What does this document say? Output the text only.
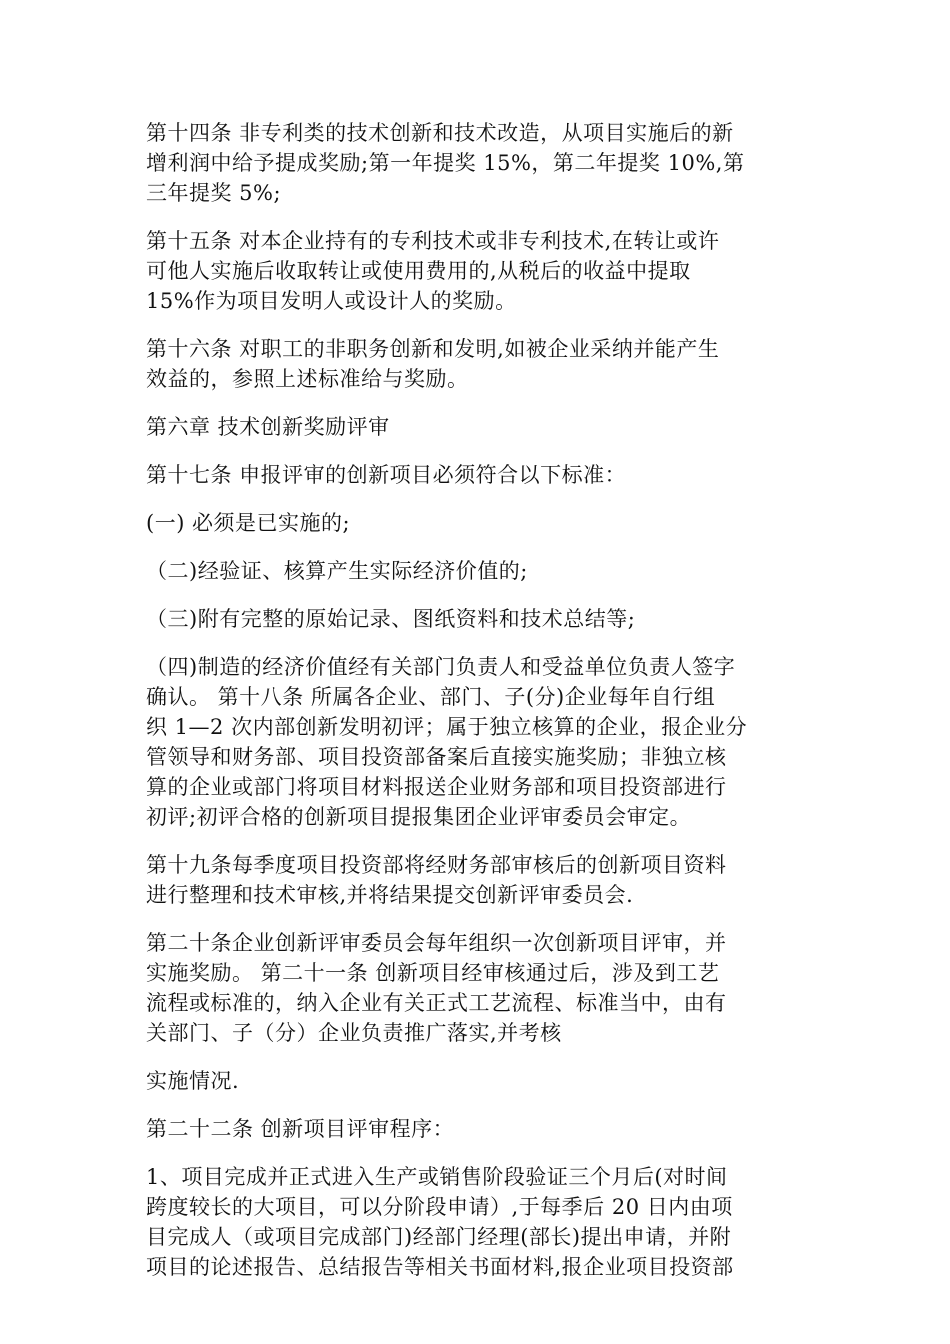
第十四条 非专利类的技术创新和技术改造，从项目实施后的新
增利润中给予提成奖励;第一年提奖 15%，第二年提奖 10%,第
三年提奖 5%;
第十五条 对本企业持有的专利技术或非专利技术,在转让或许
可他人实施后收取转让或使用费用的,从税后的收益中提取
15%作为项目发明人或设计人的奖励。
第十六条 对职工的非职务创新和发明,如被企业采纳并能产生
效益的，参照上述标准给与奖励。
第六章 技术创新奖励评审
第十七条 申报评审的创新项目必须符合以下标准：
(一) 必须是已实施的;
（二)经验证、核算产生实际经济价值的;
（三)附有完整的原始记录、图纸资料和技术总结等;
（四)制造的经济价值经有关部门负责人和受益单位负责人签字
确认。 第十八条 所属各企业、部门、子(分)企业每年自行组
织 1—2 次内部创新发明初评；属于独立核算的企业，报企业分
管领导和财务部、项目投资部备案后直接实施奖励；非独立核
算的企业或部门将项目材料报送企业财务部和项目投资部进行
初评;初评合格的创新项目提报集团企业评审委员会审定。
第十九条每季度项目投资部将经财务部审核后的创新项目资料
进行整理和技术审核,并将结果提交创新评审委员会.
第二十条企业创新评审委员会每年组织一次创新项目评审，并
实施奖励。 第二十一条 创新项目经审核通过后，涉及到工艺
流程或标准的，纳入企业有关正式工艺流程、标准当中，由有
关部门、子（分）企业负责推广落实,并考核
实施情况.
第二十二条 创新项目评审程序：
1、项目完成并正式进入生产或销售阶段验证三个月后(对时间
跨度较长的大项目，可以分阶段申请）,于每季后 20 日内由项
目完成人（或项目完成部门)经部门经理(部长)提出申请，并附
项目的论述报告、总结报告等相关书面材料,报企业项目投资部
